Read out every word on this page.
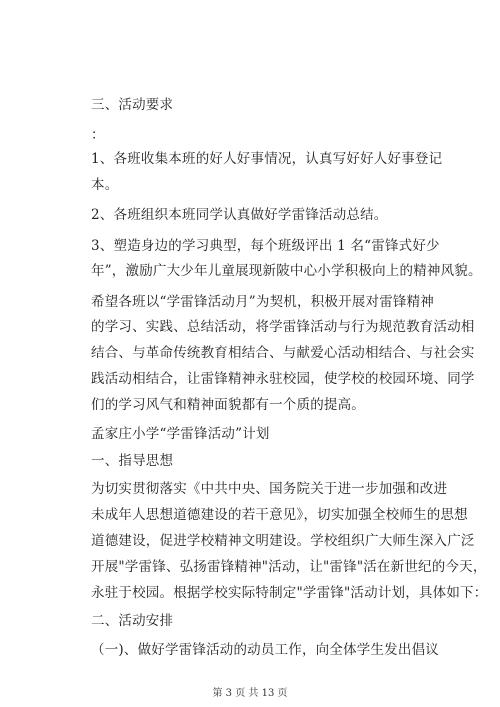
三、活动要求
：
1、各班收集本班的好人好事情况，认真写好好人好事登记
本。
2、各班组织本班同学认真做好学雷锋活动总结。
3、塑造身边的学习典型，每个班级评出 1 名“雷锋式好少
年”，激励广大少年儿童展现新陂中心小学积极向上的精神风貌。
希望各班以“学雷锋活动月”为契机，积极开展对雷锋精神
的学习、实践、总结活动，将学雷锋活动与行为规范教育活动相
结合、与革命传统教育相结合、与献爱心活动相结合、与社会实
践活动相结合，让雷锋精神永驻校园，使学校的校园环境、同学
们的学习风气和精神面貌都有一个质的提高。
孟家庄小学“学雷锋活动”计划
一、指导思想
为切实贯彻落实《中共中央、国务院关于进一步加强和改进
未成年人思想道德建设的若干意见》，切实加强全校师生的思想
道德建设，促进学校精神文明建设。学校组织广大师生深入广泛
开展"学雷锋、弘扬雷锋精神"活动，让"雷锋"活在新世纪的今天，
永驻于校园。根据学校实际特制定"学雷锋"活动计划，具体如下：
二、活动安排
（一)、做好学雷锋活动的动员工作，向全体学生发出倡议
第 3 页 共 13 页
